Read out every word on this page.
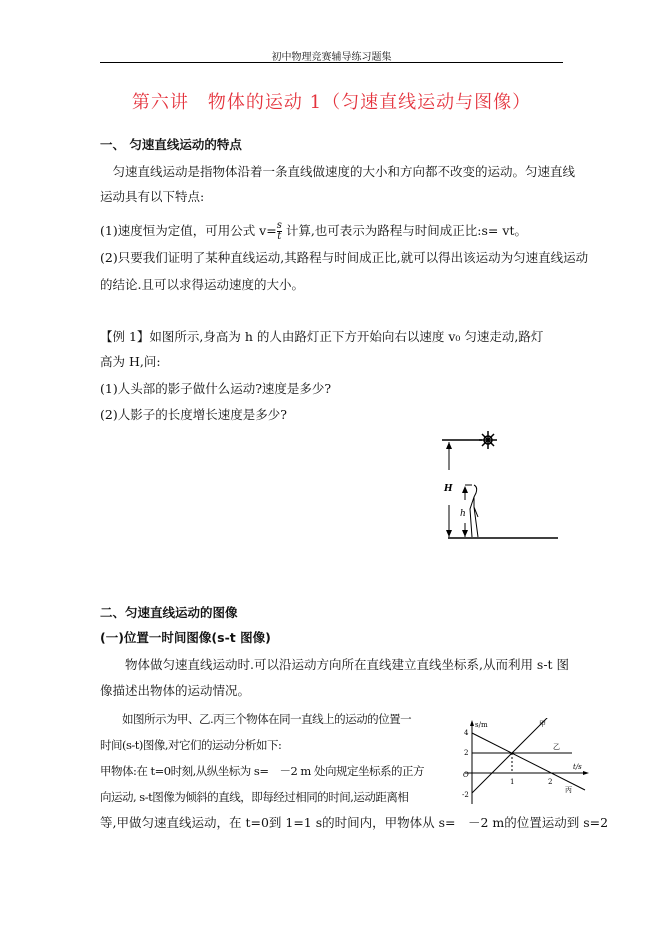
初中物理竞赛辅导练习题集
第六讲　物体的运动 1（匀速直线运动与图像）
一、 匀速直线运动的特点
　匀速直线运动是指物体沿着一条直线做速度的大小和方向都不改变的运动。匀速直线
运动具有以下特点:
(1)速度恒为定值，可用公式 $v= \frac{s}{t}$ 计算,也可表示为路程与时间成正比:s= vt。
(2)只要我们证明了某种直线运动,其路程与时间成正比,就可以得出该运动为匀速直线运动
的结论.且可以求得运动速度的大小。
【例 1】如图所示,身高为 h 的人由路灯正下方开始向右以速度 v₀ 匀速走动,路灯
高为 H,问:
(1)人头部的影子做什么运动?速度是多少?
(2)人影子的长度增长速度是多少?
H
h
二、匀速直线运动的图像
(一)位置一时间图像(s-t 图像)
　　物体做匀速直线运动时.可以沿运动方向所在直线建立直线坐标系,从而利用 s-t 图
像描述出物体的运动情况。
　　如图所示为甲、乙.丙三个物体在同一直线上的运动的位置一
时间(s-t)图像,对它们的运动分析如下:
甲物体:在 t=0时刻,从纵坐标为 s=　－2 m 处向规定坐标系的正方
向运动, s-t图像为倾斜的直线，即每经过相同的时间,运动距离相
等,甲做匀速直线运动，在 t=0到 1=1 s的时间内，甲物体从 s=　－2 m的位置运动到 s=2
s/m
t/s
O
4
2
-2
1	2
甲
乙
丙
